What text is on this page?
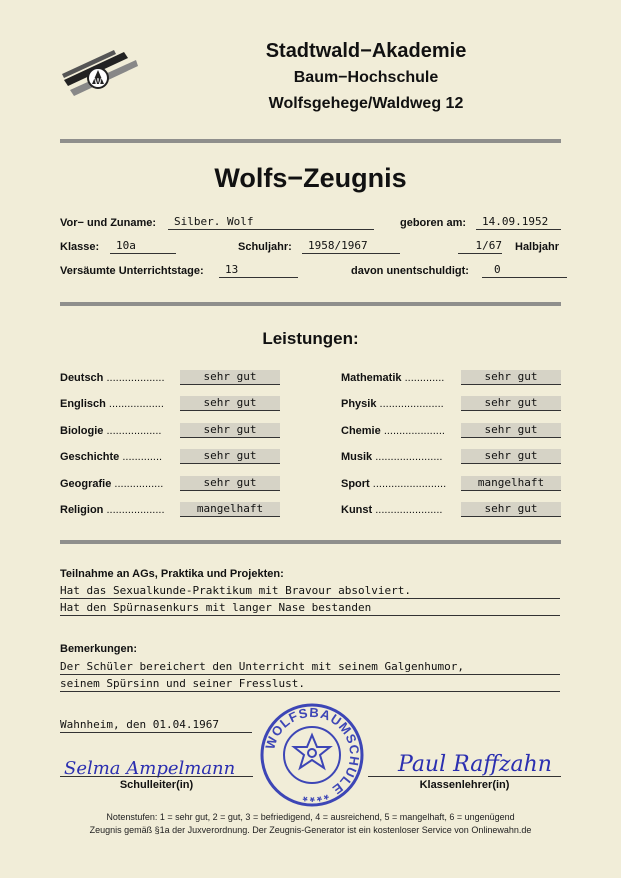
W
Stadtwald−Akademie
Baum−Hochschule
Wolfsgehege/Waldweg 12
Wolfs−Zeugnis
Vor− und Zuname:	Silber. Wolf	geboren am:	14.09.1952
Klasse:	10a	Schuljahr:	1958/1967	1/67 Halbjahr
Versäumte Unterrichtstage:	13	davon unentschuldigt:	0
Leistungen:
Deutsch ...................	sehr gut
Englisch ..................	sehr gut
Biologie ..................	sehr gut
Geschichte .............	sehr gut
Geografie ................	sehr gut
Religion ...................	mangelhaft
Mathematik .............	sehr gut
Physik .....................	sehr gut
Chemie ....................	sehr gut
Musik ......................	sehr gut
Sport ........................	mangelhaft
Kunst ......................	sehr gut
Teilnahme an AGs, Praktika und Projekten:
Hat das Sexualkunde-Praktikum mit Bravour absolviert.
Hat den Spürnasenkurs mit langer Nase bestanden
Bemerkungen:
Der Schüler bereichert den Unterricht mit seinem Galgenhumor,
seinem Spürsinn und seiner Fresslust.
Wahnheim, den 01.04.1967
WOLFSBAUMSCHULE ****
Selma Ampelmann
Schulleiter(in)
Paul Raffzahn
Klassenlehrer(in)
Notenstufen: 1 = sehr gut, 2 = gut, 3 = befriedigend, 4 = ausreichend, 5 = mangelhaft, 6 = ungenügend
Zeugnis gemäß §1a der Juxverordnung. Der Zeugnis-Generator ist ein kostenloser Service von Onlinewahn.de
